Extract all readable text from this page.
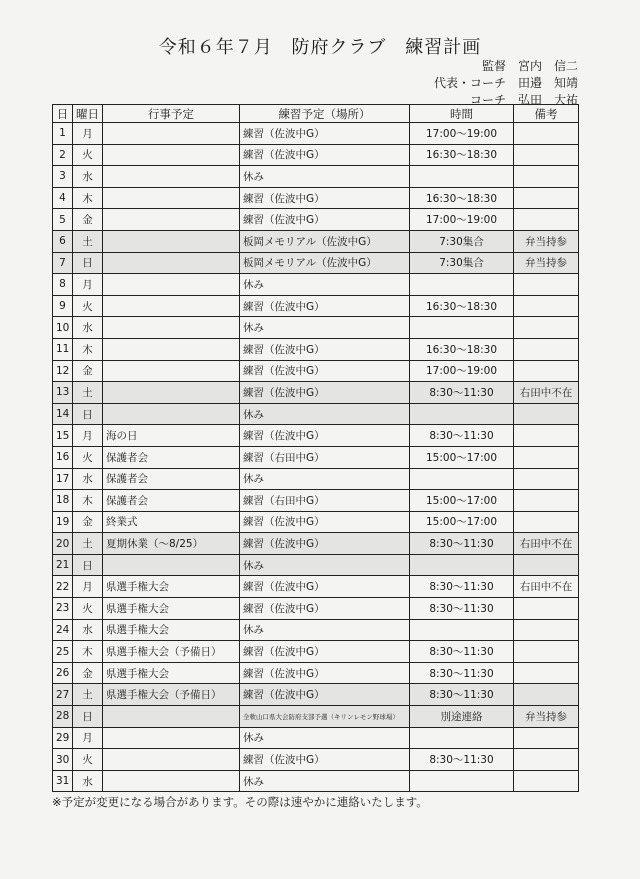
令和６年７月 防府クラブ 練習計画
監督 宮内　信二
代表・コーチ 田邉　知靖
コーチ 弘田　大祐
日	曜日	行事予定	練習予定（場所）	時間	備考
1	月		練習（佐波中G）	17:00～19:00	
2	火		練習（佐波中G）	16:30～18:30	
3	水		休み		
4	木		練習（佐波中G）	16:30～18:30	
5	金		練習（佐波中G）	17:00～19:00	
6	土		板岡メモリアル（佐波中G）	7:30集合	弁当持参
7	日		板岡メモリアル（佐波中G）	7:30集合	弁当持参
8	月		休み		
9	火		練習（佐波中G）	16:30～18:30	
10	水		休み		
11	木		練習（佐波中G）	16:30～18:30	
12	金		練習（佐波中G）	17:00～19:00	
13	土		練習（佐波中G）	8:30～11:30	右田中不在
14	日		休み		
15	月	海の日	練習（佐波中G）	8:30～11:30	
16	火	保護者会	練習（右田中G）	15:00～17:00	
17	水	保護者会	休み		
18	木	保護者会	練習（右田中G）	15:00～17:00	
19	金	終業式	練習（佐波中G）	15:00～17:00	
20	土	夏期休業（～8/25）	練習（佐波中G）	8:30～11:30	右田中不在
21	日		休み		
22	月	県選手権大会	練習（佐波中G）	8:30～11:30	右田中不在
23	火	県選手権大会	練習（佐波中G）	8:30～11:30	
24	水	県選手権大会	休み		
25	木	県選手権大会（予備日）	練習（佐波中G）	8:30～11:30	
26	金	県選手権大会	練習（佐波中G）	8:30～11:30	
27	土	県選手権大会（予備日）	練習（佐波中G）	8:30～11:30	
28	日		全軟山口県大会防府支部予選（キリンレモン野球場）	別途連絡	弁当持参
29	月		休み		
30	火		練習（佐波中G）	8:30～11:30	
31	水		休み		
※予定が変更になる場合があります。その際は速やかに連絡いたします。
